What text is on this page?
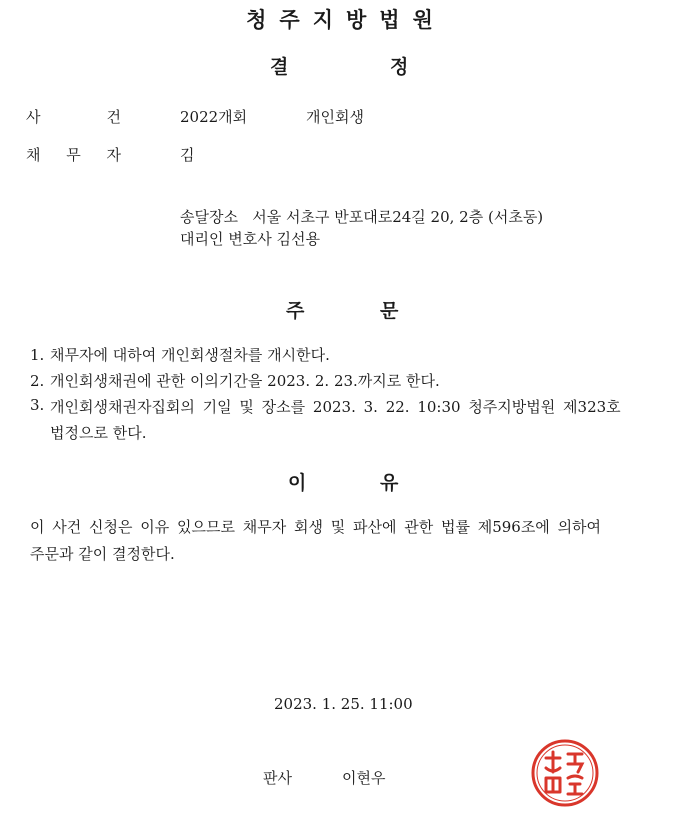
청주지방법원
결	정
사	건	2022개회	개인회생
채 무 자	김
송달장소   서울 서초구 반포대로24길 20, 2층 (서초동)
대리인 변호사 김선용
주	문
1. 채무자에 대하여 개인회생절차를 개시한다.
2. 개인회생채권에 관한 이의기간을 2023. 2. 23.까지로 한다.
3. 개인회생채권자집회의 기일 및 장소를 2023. 3. 22. 10:30 청주지방법원 제323호
법정으로 한다.
이	유
이 사건 신청은 이유 있으므로 채무자 회생 및 파산에 관한 법률 제596조에 의하여
주문과 같이 결정한다.
2023. 1. 25. 11:00
판사	이현우
